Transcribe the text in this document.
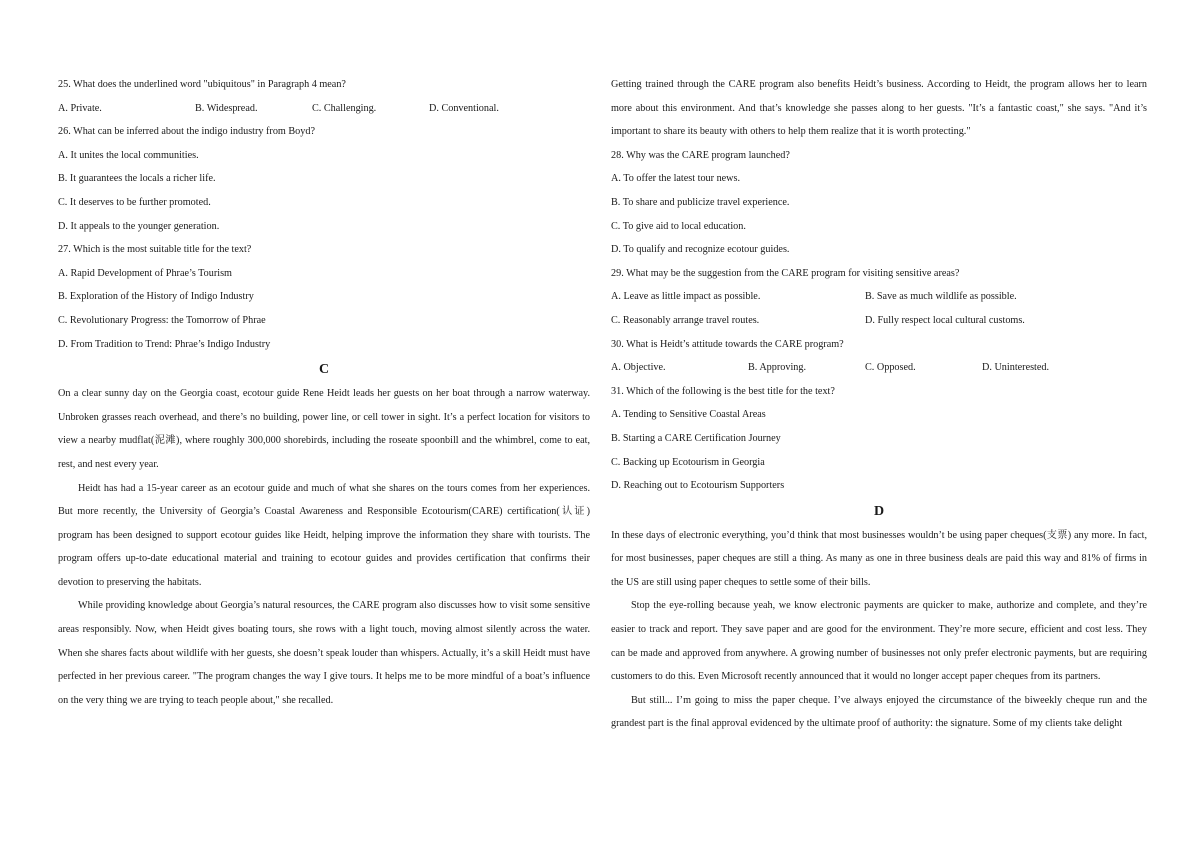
25. What does the underlined word "ubiquitous" in Paragraph 4 mean?
A. Private.	B. Widespread.	C. Challenging.	D. Conventional.
26. What can be inferred about the indigo industry from Boyd?
A. It unites the local communities.
B. It guarantees the locals a richer life.
C. It deserves to be further promoted.
D. It appeals to the younger generation.
27. Which is the most suitable title for the text?
A. Rapid Development of Phrae’s Tourism
B. Exploration of the History of Indigo Industry
C. Revolutionary Progress: the Tomorrow of Phrae
D. From Tradition to Trend: Phrae’s Indigo Industry
C

On a clear sunny day on the Georgia coast, ecotour guide Rene Heidt leads her guests on her boat through a narrow waterway. Unbroken grasses reach overhead, and there’s no building, power line, or cell tower in sight. It’s a perfect location for visitors to view a nearby mudflat(泥滩), where roughly 300,000 shorebirds, including the roseate spoonbill and the whimbrel, come to eat, rest, and nest every year.

Heidt has had a 15-year career as an ecotour guide and much of what she shares on the tours comes from her experiences. But more recently, the University of Georgia’s Coastal Awareness and Responsible Ecotourism(CARE) certification(认证) program has been designed to support ecotour guides like Heidt, helping improve the information they share with tourists. The program offers up-to-date educational material and training to ecotour guides and provides certification that confirms their devotion to preserving the habitats.

While providing knowledge about Georgia’s natural resources, the CARE program also discusses how to visit some sensitive areas responsibly. Now, when Heidt gives boating tours, she rows with a light touch, moving almost silently across the water. When she shares facts about wildlife with her guests, she doesn’t speak louder than whispers. Actually, it’s a skill Heidt must have perfected in her previous career. "The program changes the way I give tours. It helps me to be more mindful of a boat’s influence on the very thing we are trying to teach people about," she recalled.

Getting trained through the CARE program also benefits Heidt’s business. According to Heidt, the program allows her to learn more about this environment. And that’s knowledge she passes along to her guests. "It’s a fantastic coast," she says. "And it’s important to share its beauty with others to help them realize that it is worth protecting."

28. Why was the CARE program launched?
A. To offer the latest tour news.
B. To share and publicize travel experience.
C. To give aid to local education.
D. To qualify and recognize ecotour guides.
29. What may be the suggestion from the CARE program for visiting sensitive areas?
A. Leave as little impact as possible.	B. Save as much wildlife as possible.
C. Reasonably arrange travel routes.	D. Fully respect local cultural customs.
30. What is Heidt’s attitude towards the CARE program?
A. Objective.	B. Approving.	C. Opposed.	D. Uninterested.
31. Which of the following is the best title for the text?
A. Tending to Sensitive Coastal Areas
B. Starting a CARE Certification Journey
C. Backing up Ecotourism in Georgia
D. Reaching out to Ecotourism Supporters
D

In these days of electronic everything, you’d think that most businesses wouldn’t be using paper cheques(支票) any more. In fact, for most businesses, paper cheques are still a thing. As many as one in three business deals are paid this way and 81% of firms in the US are still using paper cheques to settle some of their bills.

Stop the eye-rolling because yeah, we know electronic payments are quicker to make, authorize and complete, and they’re easier to track and report. They save paper and are good for the environment. They’re more secure, efficient and cost less. They can be made and approved from anywhere. A growing number of businesses not only prefer electronic payments, but are requiring customers to do this. Even Microsoft recently announced that it would no longer accept paper cheques from its partners.

But still... I’m going to miss the paper cheque. I’ve always enjoyed the circumstance of the biweekly cheque run and the grandest part is the final approval evidenced by the ultimate proof of authority: the signature. Some of my clients take delight
